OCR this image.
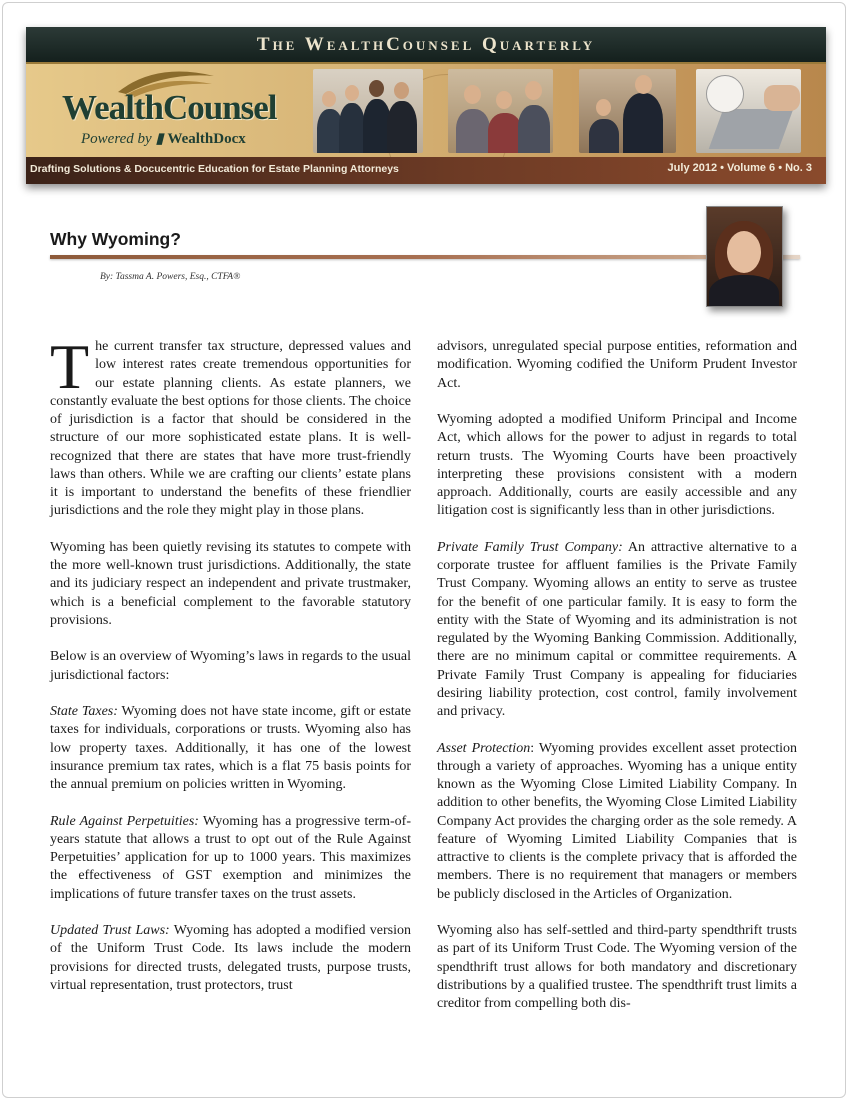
The WealthCounsel Quarterly
WealthCounsel
Powered by ▮ WealthDocx
Drafting Solutions & Docucentric Education for Estate Planning Attorneys	July 2012 • Volume 6 • No. 3
Why Wyoming?
By: Tassma A. Powers, Esq., CTFA®

The current transfer tax structure, depressed values and low interest rates create tremendous opportunities for our estate planning clients. As estate planners, we constantly evaluate the best options for those clients. The choice of jurisdiction is a factor that should be considered in the structure of our more sophisticated estate plans. It is well-recognized that there are states that have more trust-friendly laws than others. While we are crafting our clients’ estate plans it is important to understand the benefits of these friendlier jurisdictions and the role they might play in those plans.

Wyoming has been quietly revising its statutes to compete with the more well-known trust jurisdictions. Additionally, the state and its judiciary respect an independent and private trustmaker, which is a beneficial complement to the favorable statutory provisions.

Below is an overview of Wyoming’s laws in regards to the usual jurisdictional factors:

State Taxes: Wyoming does not have state income, gift or estate taxes for individuals, corporations or trusts. Wyoming also has low property taxes. Additionally, it has one of the lowest insurance premium tax rates, which is a flat 75 basis points for the annual premium on policies written in Wyoming.

Rule Against Perpetuities: Wyoming has a progressive term-of-years statute that allows a trust to opt out of the Rule Against Perpetuities’ application for up to 1000 years. This maximizes the effectiveness of GST exemption and minimizes the implications of future transfer taxes on the trust assets.

Updated Trust Laws: Wyoming has adopted a modified version of the Uniform Trust Code. Its laws include the modern provisions for directed trusts, delegated trusts, purpose trusts, virtual representation, trust protectors, trust

advisors, unregulated special purpose entities, reformation and modification. Wyoming codified the Uniform Prudent Investor Act.

Wyoming adopted a modified Uniform Principal and Income Act, which allows for the power to adjust in regards to total return trusts. The Wyoming Courts have been proactively interpreting these provisions consistent with a modern approach. Additionally, courts are easily accessible and any litigation cost is significantly less than in other jurisdictions.

Private Family Trust Company: An attractive alternative to a corporate trustee for affluent families is the Private Family Trust Company. Wyoming allows an entity to serve as trustee for the benefit of one particular family. It is easy to form the entity with the State of Wyoming and its administration is not regulated by the Wyoming Banking Commission. Additionally, there are no minimum capital or committee requirements. A Private Family Trust Company is appealing for fiduciaries desiring liability protection, cost control, family involvement and privacy.

Asset Protection: Wyoming provides excellent asset protection through a variety of approaches. Wyoming has a unique entity known as the Wyoming Close Limited Liability Company. In addition to other benefits, the Wyoming Close Limited Liability Company Act provides the charging order as the sole remedy. A feature of Wyoming Limited Liability Companies that is attractive to clients is the complete privacy that is afforded the members. There is no requirement that managers or members be publicly disclosed in the Articles of Organization.

Wyoming also has self-settled and third-party spendthrift trusts as part of its Uniform Trust Code. The Wyoming version of the spendthrift trust allows for both mandatory and discretionary distributions by a qualified trustee. The spendthrift trust limits a creditor from compelling both dis-
